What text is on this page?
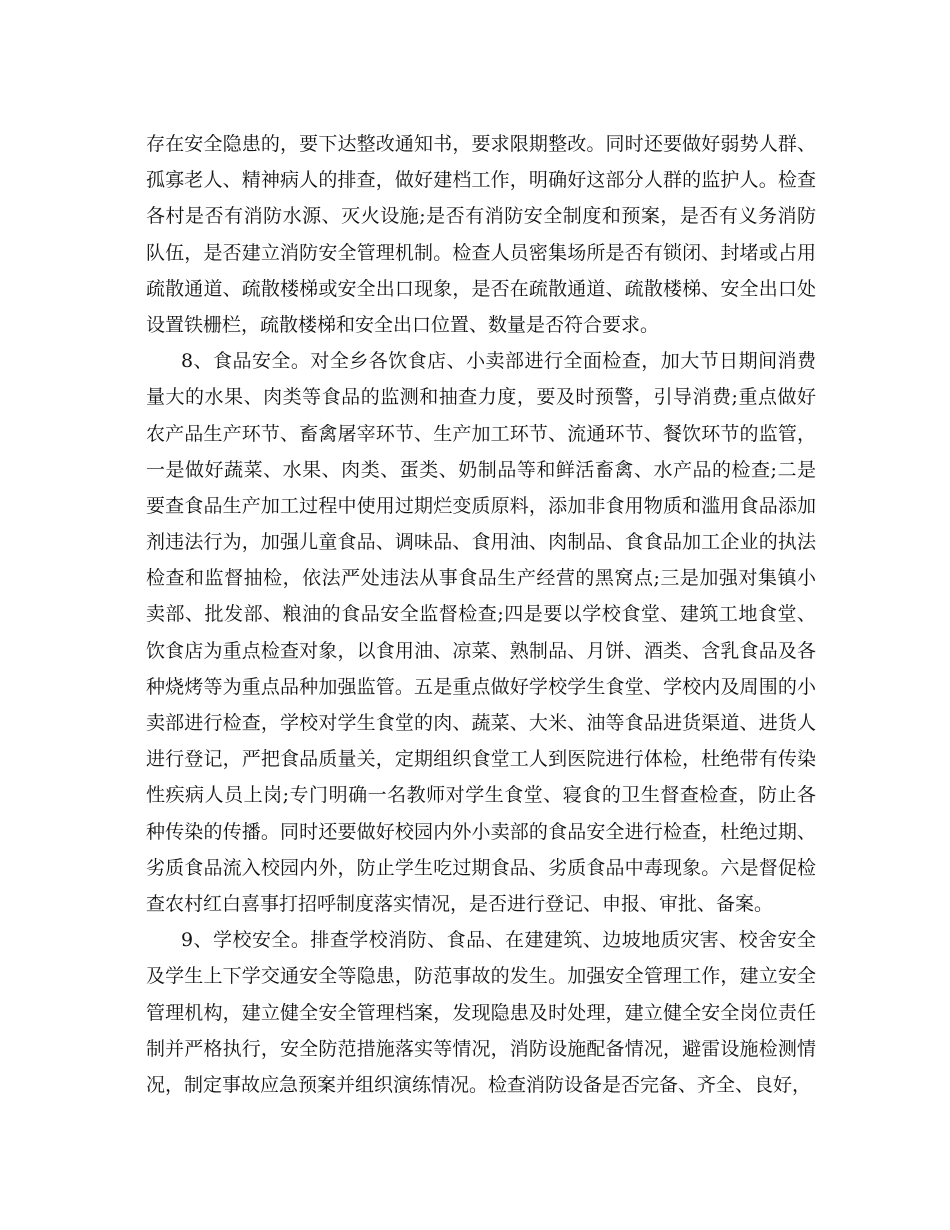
存在安全隐患的，要下达整改通知书，要求限期整改。同时还要做好弱势人群、
孤寡老人、精神病人的排查，做好建档工作，明确好这部分人群的监护人。检查
各村是否有消防水源、灭火设施;是否有消防安全制度和预案，是否有义务消防
队伍，是否建立消防安全管理机制。检查人员密集场所是否有锁闭、封堵或占用
疏散通道、疏散楼梯或安全出口现象，是否在疏散通道、疏散楼梯、安全出口处
设置铁栅栏，疏散楼梯和安全出口位置、数量是否符合要求。
8、食品安全。对全乡各饮食店、小卖部进行全面检查，加大节日期间消费
量大的水果、肉类等食品的监测和抽查力度，要及时预警，引导消费;重点做好
农产品生产环节、畜禽屠宰环节、生产加工环节、流通环节、餐饮环节的监管，
一是做好蔬菜、水果、肉类、蛋类、奶制品等和鲜活畜禽、水产品的检查;二是
要查食品生产加工过程中使用过期烂变质原料，添加非食用物质和滥用食品添加
剂违法行为，加强儿童食品、调味品、食用油、肉制品、食食品加工企业的执法
检查和监督抽检，依法严处违法从事食品生产经营的黑窝点;三是加强对集镇小
卖部、批发部、粮油的食品安全监督检查;四是要以学校食堂、建筑工地食堂、
饮食店为重点检查对象，以食用油、凉菜、熟制品、月饼、酒类、含乳食品及各
种烧烤等为重点品种加强监管。五是重点做好学校学生食堂、学校内及周围的小
卖部进行检查，学校对学生食堂的肉、蔬菜、大米、油等食品进货渠道、进货人
进行登记，严把食品质量关，定期组织食堂工人到医院进行体检，杜绝带有传染
性疾病人员上岗;专门明确一名教师对学生食堂、寝食的卫生督查检查，防止各
种传染的传播。同时还要做好校园内外小卖部的食品安全进行检查，杜绝过期、
劣质食品流入校园内外，防止学生吃过期食品、劣质食品中毒现象。六是督促检
查农村红白喜事打招呼制度落实情况，是否进行登记、申报、审批、备案。
9、学校安全。排查学校消防、食品、在建建筑、边坡地质灾害、校舍安全
及学生上下学交通安全等隐患，防范事故的发生。加强安全管理工作，建立安全
管理机构，建立健全安全管理档案，发现隐患及时处理，建立健全安全岗位责任
制并严格执行，安全防范措施落实等情况，消防设施配备情况，避雷设施检测情
况，制定事故应急预案并组织演练情况。检查消防设备是否完备、齐全、良好，
